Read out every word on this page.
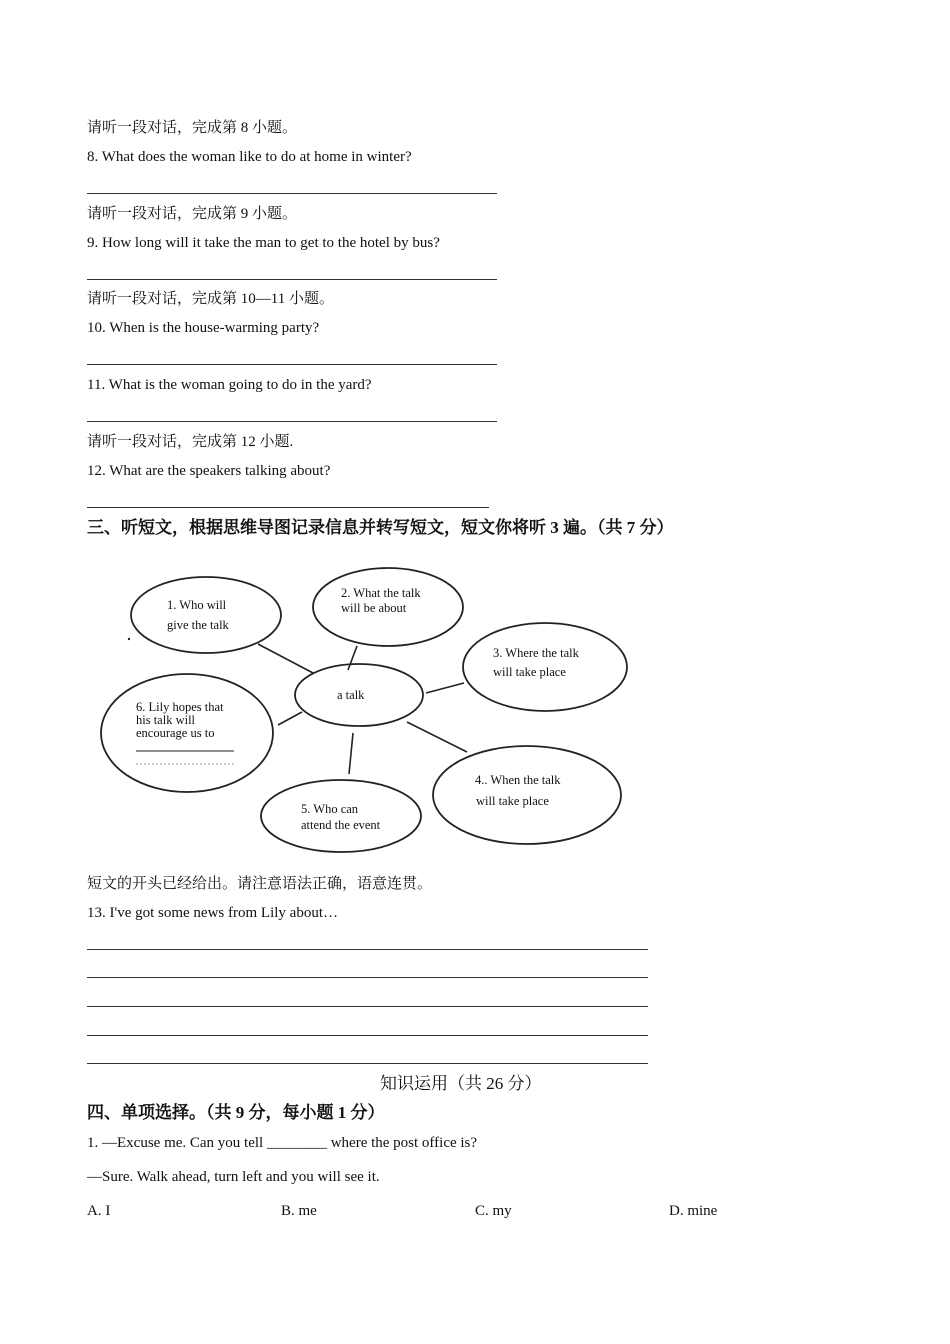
请听一段对话，完成第 8 小题。
8. What does the woman like to do at home in winter?
请听一段对话，完成第 9 小题。
9. How long will it take the man to get to the hotel by bus?
请听一段对话，完成第 10—11 小题。
10. When is the house-warming party?
11. What is the woman going to do in the yard?
请听一段对话，完成第 12 小题.
12. What are the speakers talking about?
三、听短文，根据思维导图记录信息并转写短文，短文你将听 3 遍。（共 7 分）
1. Who will
give the talk
2. What the talk
will be about
3. Where the talk
will take place
a talk
6. Lily hopes that
his talk will
encourage us to
4.. When the talk
will take place
5. Who can
attend the event
短文的开头已经给出。请注意语法正确，语意连贯。
13. I've got some news from Lily about…
知识运用（共 26 分）
四、单项选择。（共 9 分，每小题 1 分）
1. —Excuse me. Can you tell ________ where the post office is?
—Sure. Walk ahead, turn left and you will see it.
A. I	B. me	C. my	D. mine
